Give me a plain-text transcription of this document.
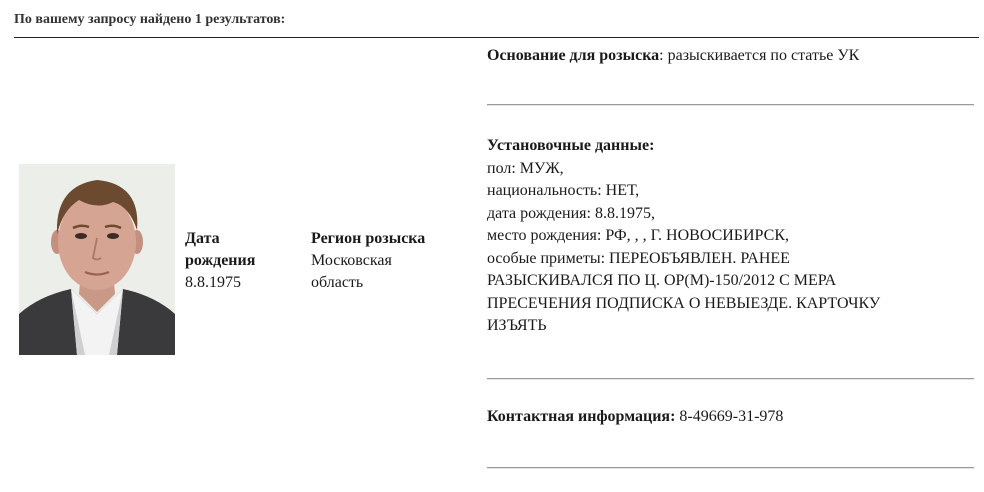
По вашему запросу найдено 1 результатов:
Дата
рождения
8.8.1975
Регион розыска
Московская
область
Основание для розыска: разыскивается по статье УК
Установочные данные:
пол: МУЖ,
национальность: НЕТ,
дата рождения: 8.8.1975,
место рождения: РФ, , , Г. НОВОСИБИРСК,
особые приметы: ПЕРЕОБЪЯВЛЕН. РАНЕЕ
РАЗЫСКИВАЛСЯ ПО Ц. ОР(М)-150/2012 С МЕРА
ПРЕСЕЧЕНИЯ ПОДПИСКА О НЕВЫЕЗДЕ. КАРТОЧКУ
ИЗЪЯТЬ
Контактная информация: 8-49669-31-978
